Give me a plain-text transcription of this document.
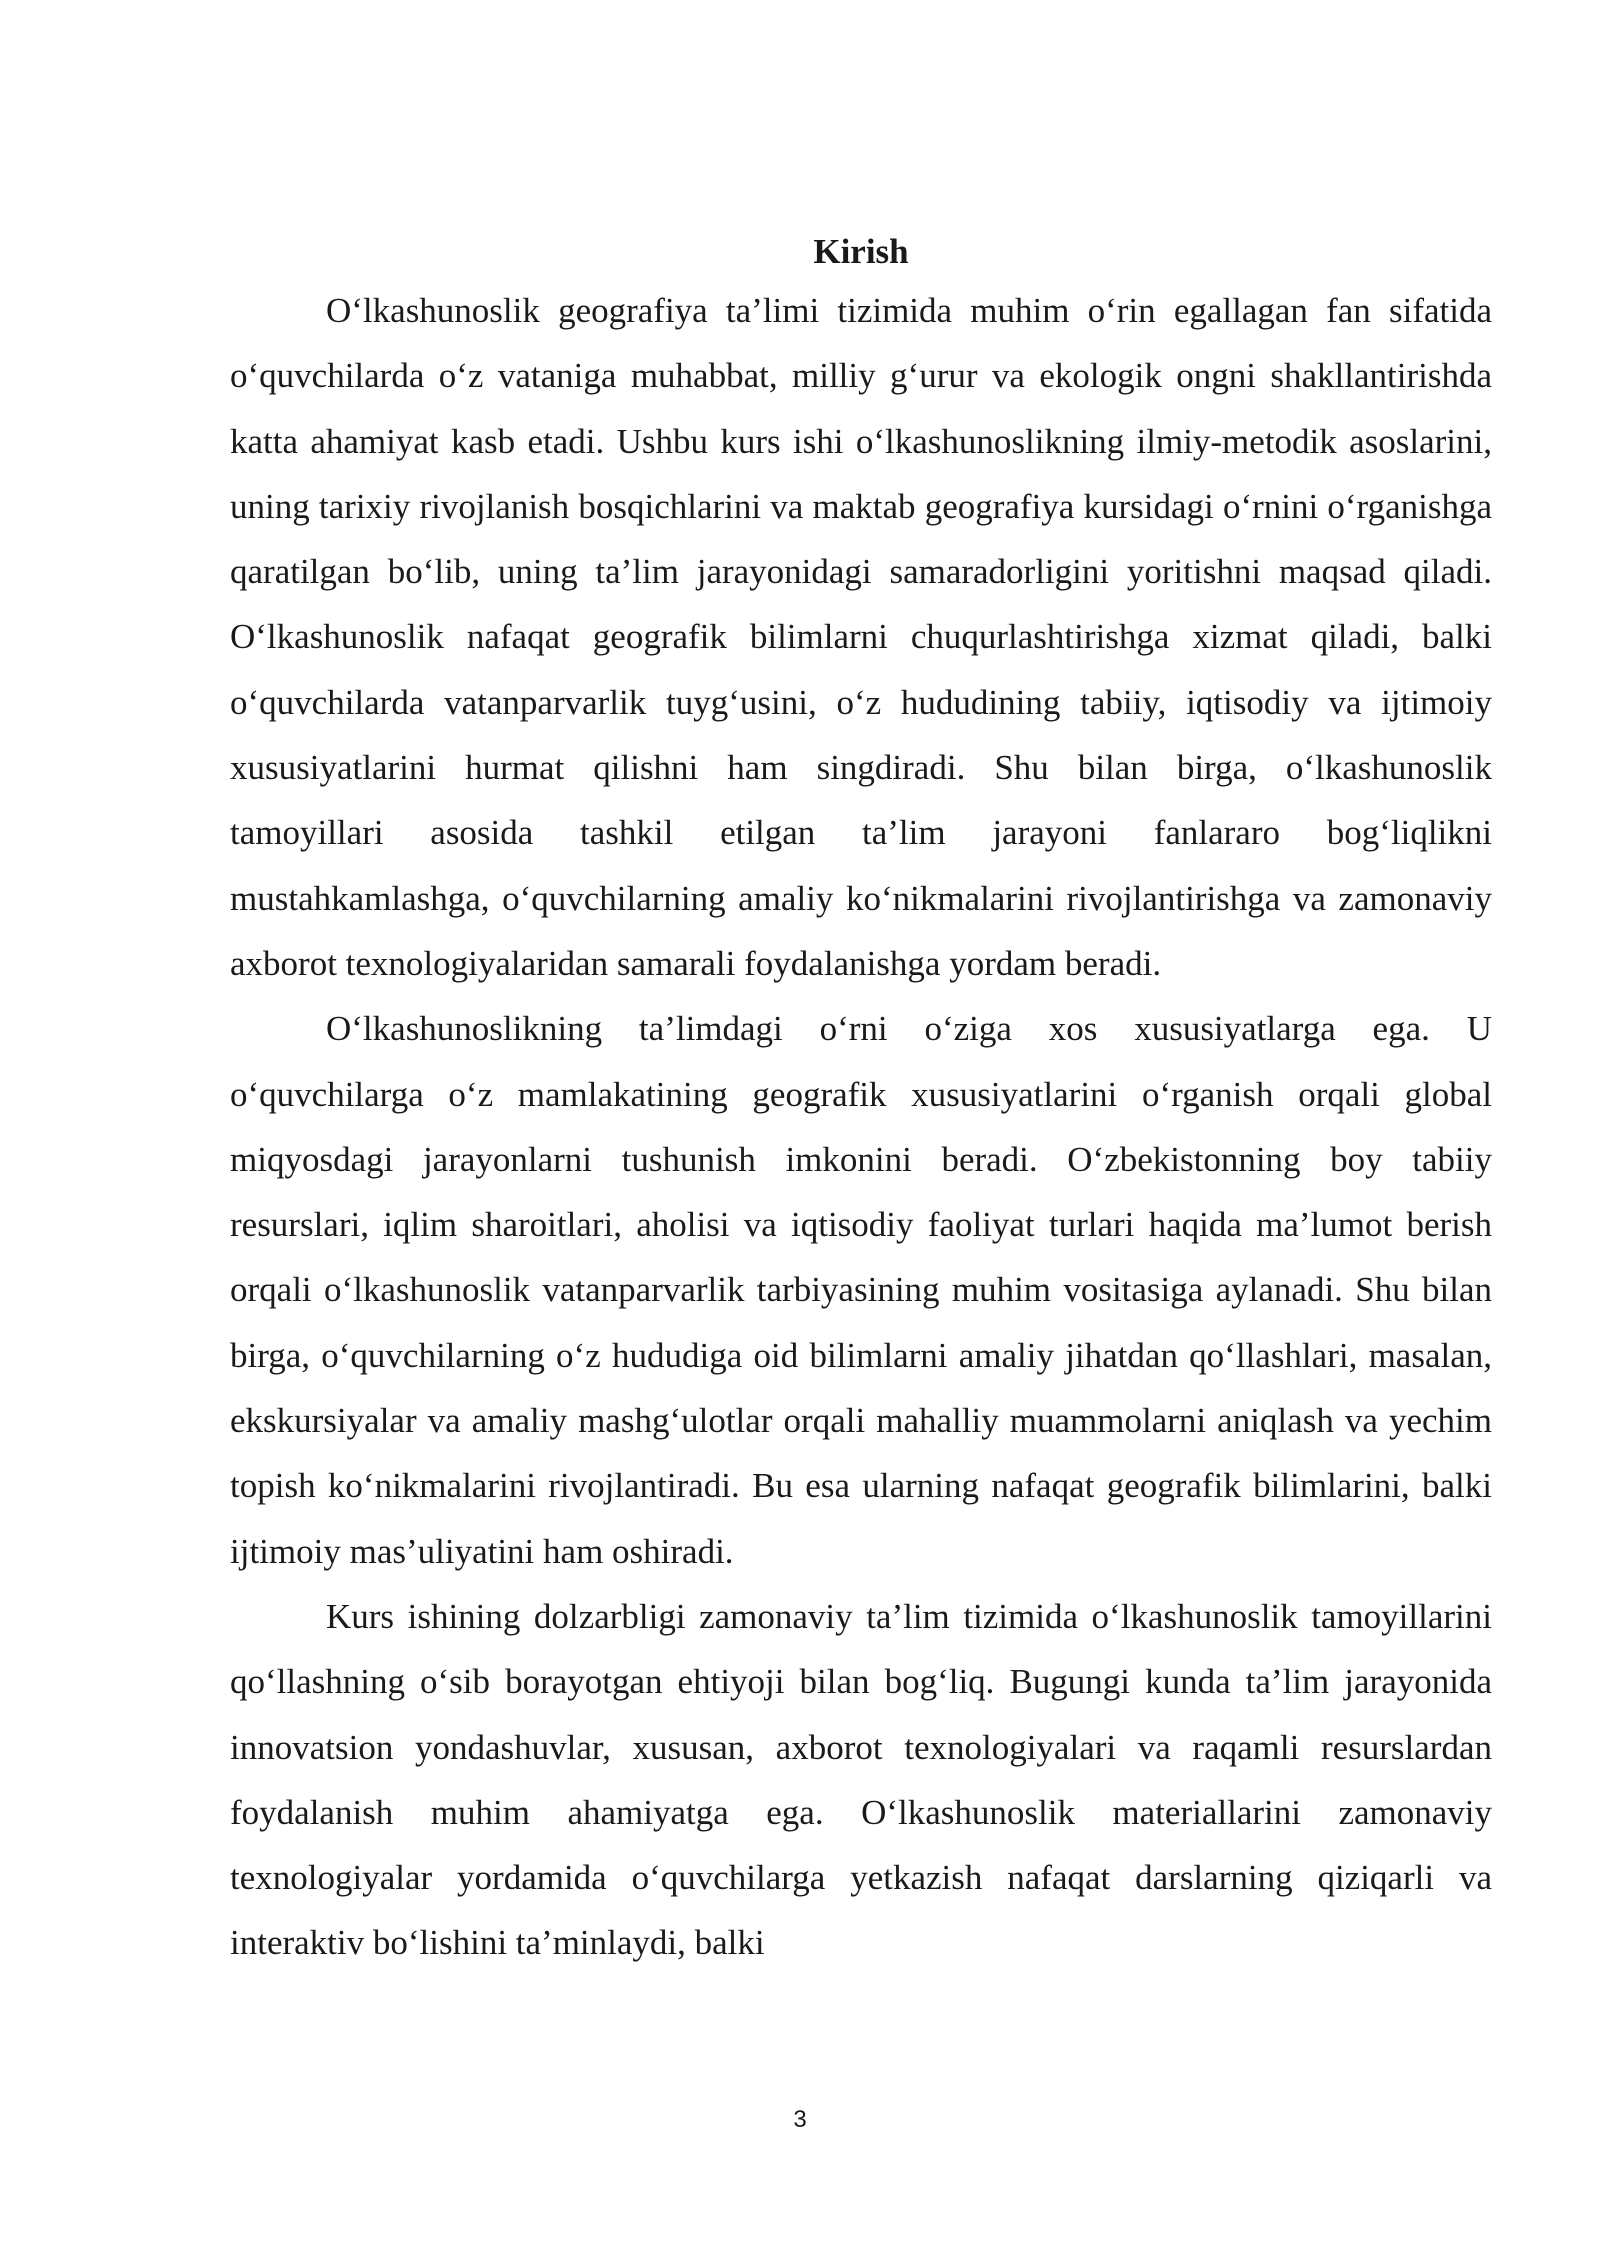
Kirish

O‘lkashunoslik geografiya ta’limi tizimida muhim o‘rin egallagan fan sifatida o‘quvchilarda o‘z vataniga muhabbat, milliy g‘urur va ekologik ongni shakllantirishda katta ahamiyat kasb etadi. Ushbu kurs ishi o‘lkashunoslikning ilmiy-metodik asoslarini, uning tarixiy rivojlanish bosqichlarini va maktab geografiya kursidagi o‘rnini o‘rganishga qaratilgan bo‘lib, uning ta’lim jarayonidagi samaradorligini yoritishni maqsad qiladi. O‘lkashunoslik nafaqat geografik bilimlarni chuqurlashtirishga xizmat qiladi, balki o‘quvchilarda vatanparvarlik tuyg‘usini, o‘z hududining tabiiy, iqtisodiy va ijtimoiy xususiyatlarini hurmat qilishni ham singdiradi. Shu bilan birga, o‘lkashunoslik tamoyillari asosida tashkil etilgan ta’lim jarayoni fanlararo bog‘liqlikni mustahkamlashga, o‘quvchilarning amaliy ko‘nikmalarini rivojlantirishga va zamonaviy axborot texnologiyalaridan samarali foydalanishga yordam beradi.

O‘lkashunoslikning ta’limdagi o‘rni o‘ziga xos xususiyatlarga ega. U o‘quvchilarga o‘z mamlakatining geografik xususiyatlarini o‘rganish orqali global miqyosdagi jarayonlarni tushunish imkonini beradi. O‘zbekistonning boy tabiiy resurslari, iqlim sharoitlari, aholisi va iqtisodiy faoliyat turlari haqida ma’lumot berish orqali o‘lkashunoslik vatanparvarlik tarbiyasining muhim vositasiga aylanadi. Shu bilan birga, o‘quvchilarning o‘z hududiga oid bilimlarni amaliy jihatdan qo‘llashlari, masalan, ekskursiyalar va amaliy mashg‘ulotlar orqali mahalliy muammolarni aniqlash va yechim topish ko‘nikmalarini rivojlantiradi. Bu esa ularning nafaqat geografik bilimlarini, balki ijtimoiy mas’uliyatini ham oshiradi.

Kurs ishining dolzarbligi zamonaviy ta’lim tizimida o‘lkashunoslik tamoyillarini qo‘llashning o‘sib borayotgan ehtiyoji bilan bog‘liq. Bugungi kunda ta’lim jarayonida innovatsion yondashuvlar, xususan, axborot texnologiyalari va raqamli resurslardan foydalanish muhim ahamiyatga ega. O‘lkashunoslik materiallarini zamonaviy texnologiyalar yordamida o‘quvchilarga yetkazish nafaqat darslarning qiziqarli va interaktiv bo‘lishini ta’minlaydi, balki

3
